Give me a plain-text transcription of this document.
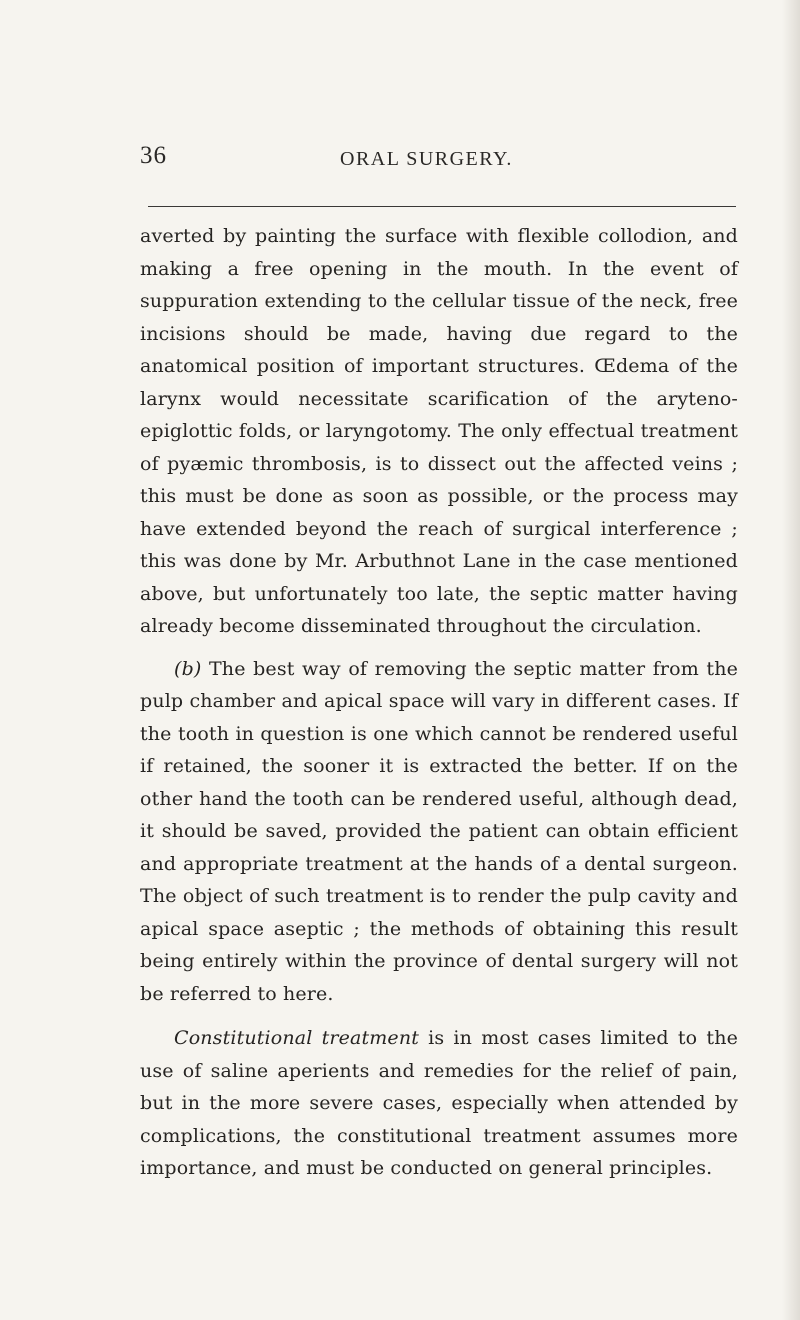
36	ORAL SURGERY.

averted by painting the surface with flexible collodion, and making a free opening in the mouth. In the event of suppuration extending to the cellular tissue of the neck, free incisions should be made, having due regard to the anatomical position of important structures. Œdema of the larynx would necessitate scarification of the aryteno-epiglottic folds, or laryngotomy. The only effectual treatment of pyæmic thrombosis, is to dissect out the affected veins ; this must be done as soon as possible, or the process may have extended beyond the reach of surgical interference ; this was done by Mr. Arbuthnot Lane in the case mentioned above, but unfortunately too late, the septic matter having already become disseminated throughout the circulation.

(b) The best way of removing the septic matter from the pulp chamber and apical space will vary in different cases. If the tooth in question is one which cannot be rendered useful if retained, the sooner it is extracted the better. If on the other hand the tooth can be rendered useful, although dead, it should be saved, provided the patient can obtain efficient and appropriate treatment at the hands of a dental surgeon. The object of such treatment is to render the pulp cavity and apical space aseptic ; the methods of obtaining this result being entirely within the province of dental surgery will not be referred to here.

Constitutional treatment is in most cases limited to the use of saline aperients and remedies for the relief of pain, but in the more severe cases, especially when attended by complications, the constitutional treatment assumes more importance, and must be conducted on general principles.
